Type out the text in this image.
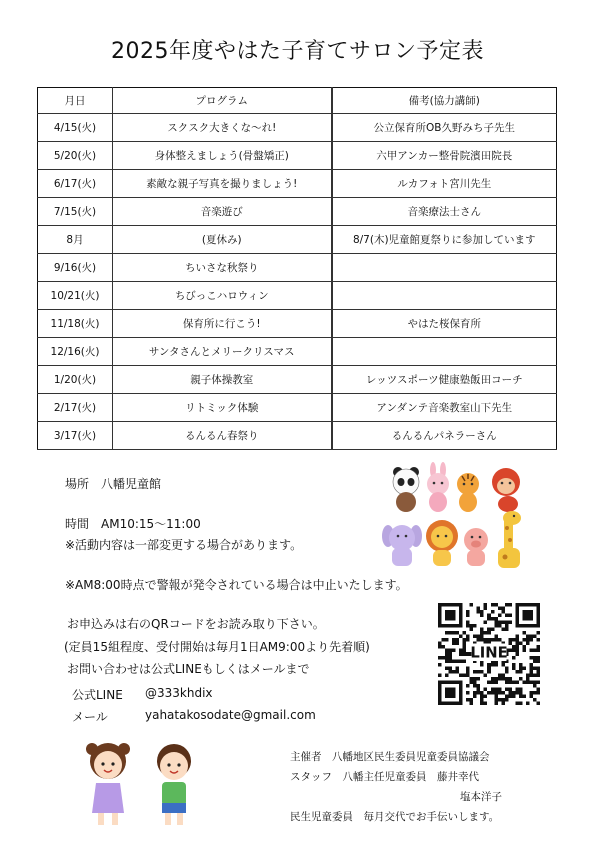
2025年度やはた子育てサロン予定表
月日	プログラム	備考(協力講師)
4/15(火)	スクスク大きくな〜れ!	公立保育所OB久野みち子先生
5/20(火)	身体整えましょう(骨盤矯正)	六甲アンカー整骨院濱田院長
6/17(火)	素敵な親子写真を撮りましょう!	ルカフォト宮川先生
7/15(火)	音楽遊び	音楽療法士さん
8月	(夏休み)	8/7(木)児童館夏祭りに参加しています
9/16(火)	ちいさな秋祭り	
10/21(火)	ちびっこハロウィン	
11/18(火)	保育所に行こう!	やはた桜保育所
12/16(火)	サンタさんとメリークリスマス	
1/20(火)	親子体操教室	レッツスポーツ健康塾飯田コーチ
2/17(火)	リトミック体験	アンダンテ音楽教室山下先生
3/17(火)	るんるん春祭り	るんるんパネラーさん
場所　八幡児童館
時間　AM10:15〜11:00
※活動内容は一部変更する場合があります。
※AM8:00時点で警報が発令されている場合は中止いたします。
お申込みは右のQRコードをお読み取り下さい。
(定員15組程度、受付開始は毎月1日AM9:00より先着順)
お問い合わせは公式LINEもしくはメールまで
公式LINE @333khdix
メール	yahatakosodate@gmail.com
LINE
主催者　八幡地区民生委員児童委員協議会
スタッフ　八幡主任児童委員　藤井幸代
塩本洋子
民生児童委員　毎月交代でお手伝いします。
